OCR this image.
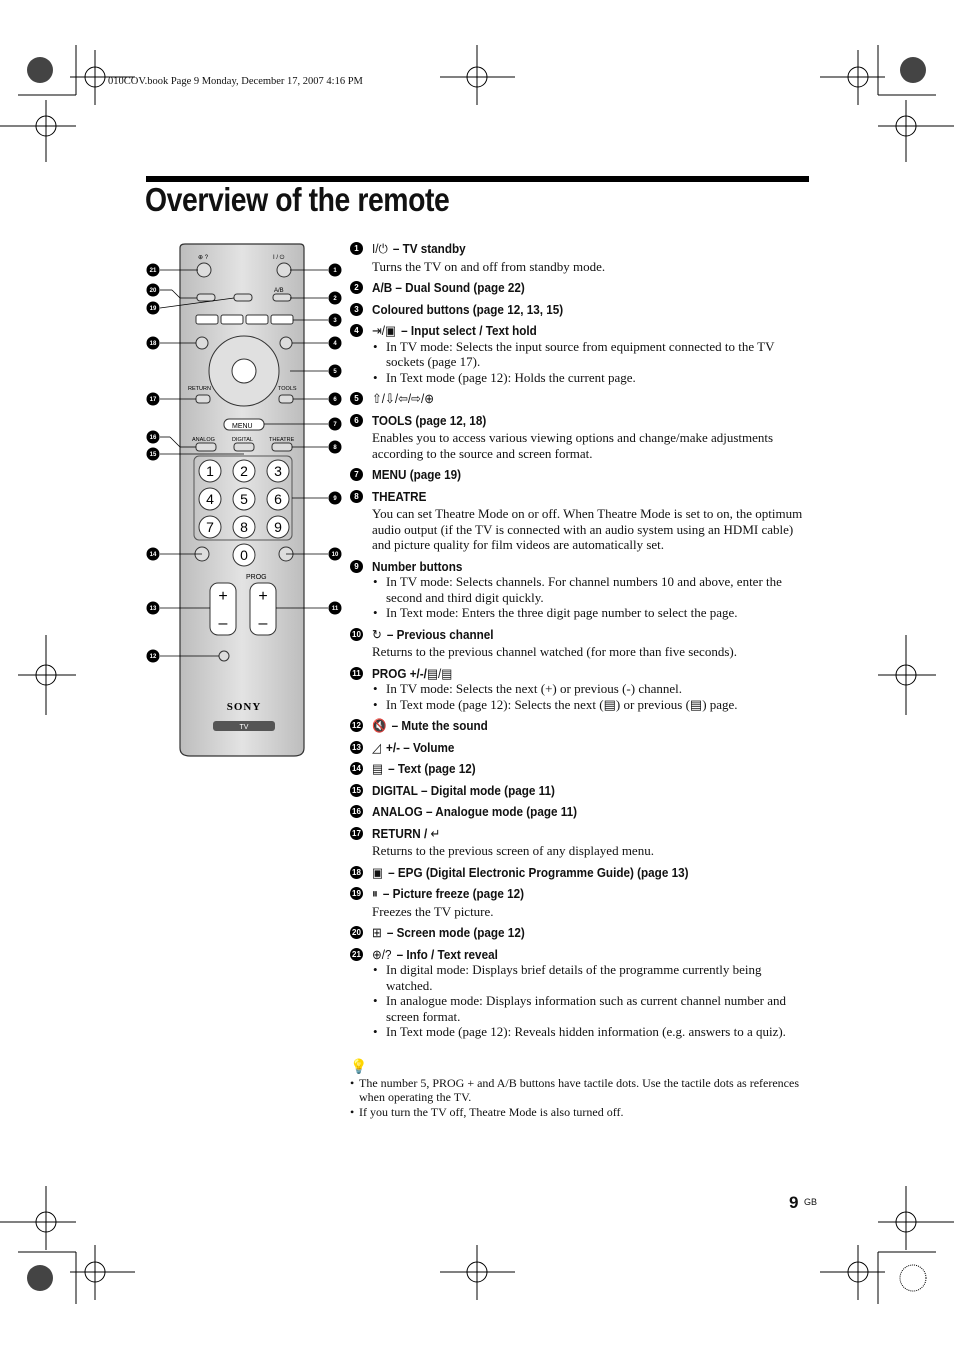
010COV.book Page 9 Monday, December 17, 2007 4:16 PM
Overview of the remote
⊕ ?	I / ⏻
A/B
RETURN	TOOLS
MENU
ANALOG	DIGITAL	THEATRE
1 2 3
4 5 6
7 8 9
0
PROG
+
–
+
–
SONY
TV
21
20
19
18
17
16
15
14
13
12
1
2
3
4
5
6
7
8
9
10
11
1	I/⏻ – TV standby
Turns the TV on and off from standby mode.
2	A/B – Dual Sound (page 22)
3	Coloured buttons (page 12, 13, 15)
4	⇥/▣ – Input select / Text hold
• In TV mode: Selects the input source from equipment connected to the TV sockets (page 17).
• In Text mode (page 12): Holds the current page.
5	⇧/⇩/⇦/⇨/⊕
6	TOOLS (page 12, 18)
Enables you to access various viewing options and change/make adjustments according to the source and screen format.
7	MENU (page 19)
8	THEATRE
You can set Theatre Mode on or off. When Theatre Mode is set to on, the optimum audio output (if the TV is connected with an audio system using an HDMI cable) and picture quality for film videos are automatically set.
9	Number buttons
• In TV mode: Selects channels. For channel numbers 10 and above, enter the second and third digit quickly.
• In Text mode: Enters the three digit page number to select the page.
10 ↻ – Previous channel
Returns to the previous channel watched (for more than five seconds).
11 PROG +/-/▤/▤
• In TV mode: Selects the next (+) or previous (-) channel.
• In Text mode (page 12): Selects the next (▤) or previous (▤) page.
12 🔇 – Mute the sound
13 ◿ +/- – Volume
14 ▤ – Text (page 12)
15 DIGITAL – Digital mode (page 11)
16 ANALOG – Analogue mode (page 11)
17 RETURN / ↵
Returns to the previous screen of any displayed menu.
18 ▣ – EPG (Digital Electronic Programme Guide) (page 13)
19 ⏸ – Picture freeze (page 12)
Freezes the TV picture.
20 ⊞ – Screen mode (page 12)
21 ⊕/? – Info / Text reveal
• In digital mode: Displays brief details of the programme currently being watched.
• In analogue mode: Displays information such as current channel number and screen format.
• In Text mode (page 12): Reveals hidden information (e.g. answers to a quiz).
💡
• The number 5, PROG + and A/B buttons have tactile dots. Use the tactile dots as references when operating the TV.
• If you turn the TV off, Theatre Mode is also turned off.
9 GB
